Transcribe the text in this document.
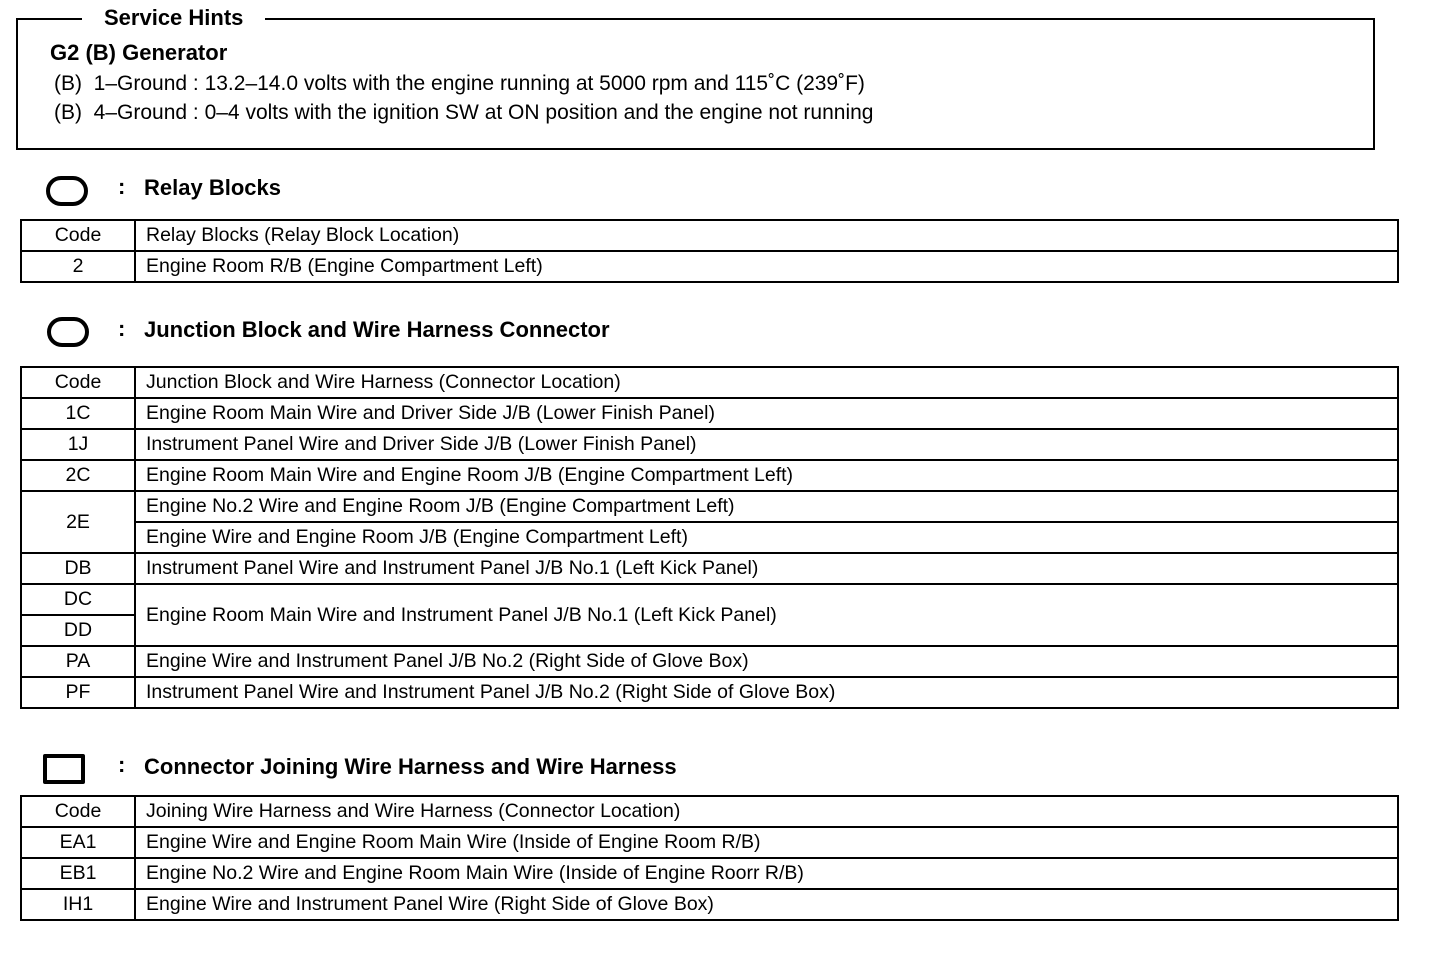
Service Hints
G2 (B) Generator
(B)  1–Ground : 13.2–14.0 volts with the engine running at 5000 rpm and 115˚C (239˚F)
(B)  4–Ground : 0–4 volts with the ignition SW at ON position and the engine not running
: Relay Blocks
Code	Relay Blocks (Relay Block Location)
2	Engine Room R/B (Engine Compartment Left)
: Junction Block and Wire Harness Connector
Code	Junction Block and Wire Harness (Connector Location)
1C	Engine Room Main Wire and Driver Side J/B (Lower Finish Panel)
1J	Instrument Panel Wire and Driver Side J/B (Lower Finish Panel)
2C	Engine Room Main Wire and Engine Room J/B (Engine Compartment Left)
2E	Engine No.2 Wire and Engine Room J/B (Engine Compartment Left)
	Engine Wire and Engine Room J/B (Engine Compartment Left)
DB	Instrument Panel Wire and Instrument Panel J/B No.1 (Left Kick Panel)
DC	Engine Room Main Wire and Instrument Panel J/B No.1 (Left Kick Panel)
DD	
PA	Engine Wire and Instrument Panel J/B No.2 (Right Side of Glove Box)
PF	Instrument Panel Wire and Instrument Panel J/B No.2 (Right Side of Glove Box)
: Connector Joining Wire Harness and Wire Harness
Code	Joining Wire Harness and Wire Harness (Connector Location)
EA1	Engine Wire and Engine Room Main Wire (Inside of Engine Room R/B)
EB1	Engine No.2 Wire and Engine Room Main Wire (Inside of Engine Roorr R/B)
IH1	Engine Wire and Instrument Panel Wire (Right Side of Glove Box)
